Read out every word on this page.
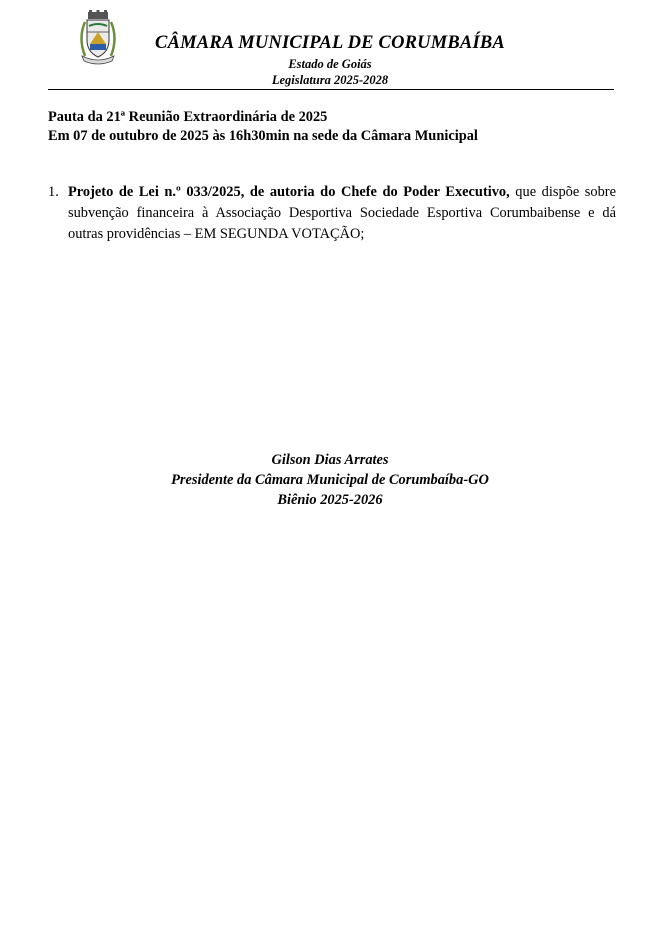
CÂMARA MUNICIPAL DE CORUMBAÍBA
Estado de Goiás
Legislatura 2025-2028
Pauta da 21ª Reunião Extraordinária de 2025
Em 07 de outubro de 2025 às 16h30min na sede da Câmara Municipal
1. Projeto de Lei n.º 033/2025, de autoria do Chefe do Poder Executivo, que dispõe sobre subvenção financeira à Associação Desportiva Sociedade Esportiva Corumbaibense e dá outras providências – EM SEGUNDA VOTAÇÃO;
Gilson Dias Arrates
Presidente da Câmara Municipal de Corumbaíba-GO
Biênio 2025-2026
